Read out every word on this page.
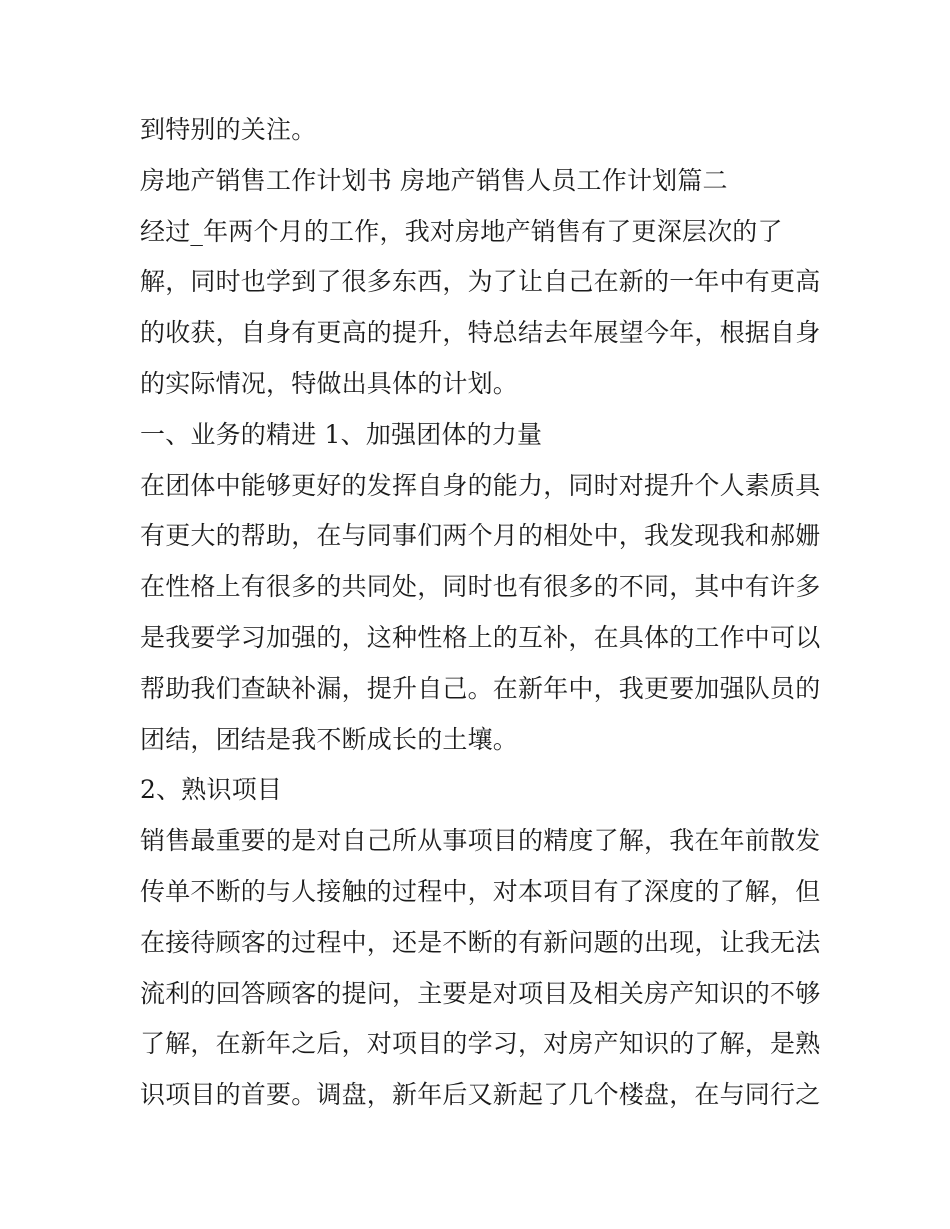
到特别的关注。
房地产销售工作计划书 房地产销售人员工作计划篇二
经过_年两个月的工作，我对房地产销售有了更深层次的了
解，同时也学到了很多东西，为了让自己在新的一年中有更高
的收获，自身有更高的提升，特总结去年展望今年，根据自身
的实际情况，特做出具体的计划。
一、业务的精进 1、加强团体的力量
在团体中能够更好的发挥自身的能力，同时对提升个人素质具
有更大的帮助，在与同事们两个月的相处中，我发现我和郝姗
在性格上有很多的共同处，同时也有很多的不同，其中有许多
是我要学习加强的，这种性格上的互补，在具体的工作中可以
帮助我们查缺补漏，提升自己。在新年中，我更要加强队员的
团结，团结是我不断成长的土壤。
2、熟识项目
销售最重要的是对自己所从事项目的精度了解，我在年前散发
传单不断的与人接触的过程中，对本项目有了深度的了解，但
在接待顾客的过程中，还是不断的有新问题的出现，让我无法
流利的回答顾客的提问，主要是对项目及相关房产知识的不够
了解，在新年之后，对项目的学习，对房产知识的了解，是熟
识项目的首要。调盘，新年后又新起了几个楼盘，在与同行之
